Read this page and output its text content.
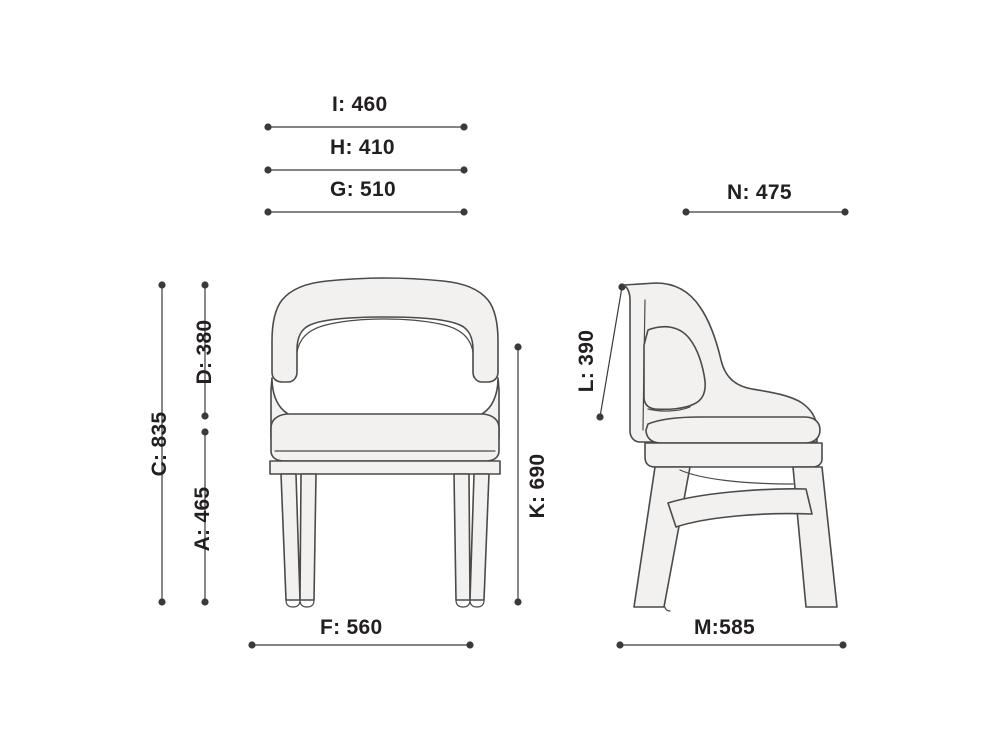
I: 460
H: 410
G: 510
C: 835
D: 380
A: 465
K: 690
F: 560
N: 475
L: 390
M:585
